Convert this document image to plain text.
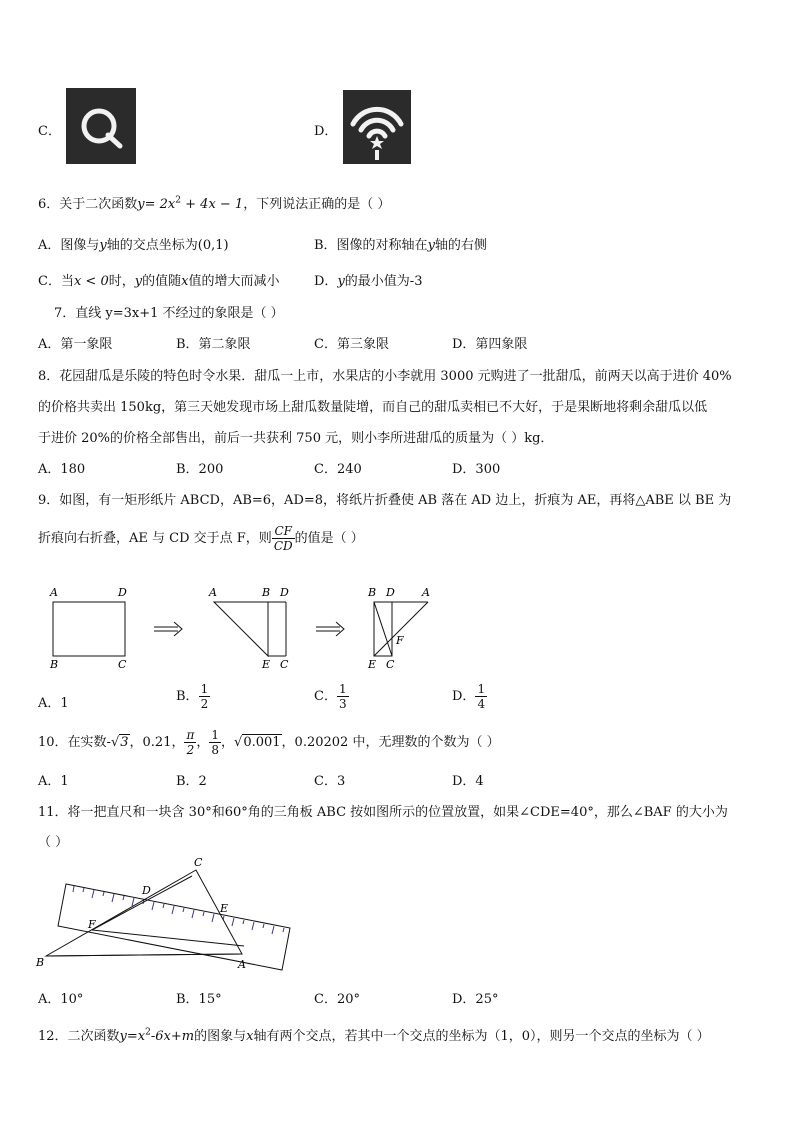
C．	D．
6．关于二次函数$y= 2x^2 + 4x - 1$，下列说法正确的是（ ）
A．图像与y轴的交点坐标为(0,1)	B．图像的对称轴在y轴的右侧
C．当x < 0时，y的值随x值的增大而减小	D．y的最小值为-3
7．直线 y=3x+1 不经过的象限是（ ）
A．第一象限	B．第二象限	C．第三象限	D．第四象限
8．花园甜瓜是乐陵的特色时令水果．甜瓜一上市，水果店的小李就用 3000 元购进了一批甜瓜，前两天以高于进价 40%
的价格共卖出 150kg，第三天她发现市场上甜瓜数量陡增，而自己的甜瓜卖相已不大好，于是果断地将剩余甜瓜以低
于进价 20%的价格全部售出，前后一共获利 750 元，则小李所进甜瓜的质量为（ ）kg．
A．180	B．200	C．240	D．300
9．如图，有一矩形纸片 ABCD，AB=6，AD=8，将纸片折叠使 AB 落在 AD 边上，折痕为 AE，再将△ABE 以 BE 为
折痕向右折叠，AE 与 CD 交于点 F，则 $\frac{CF}{CD}$ 的值是（ ）
A	D
B	C
A	B D
E C
B D A
F
E C
A．1	B． $\frac{1}{2}$	C． $\frac{1}{3}$	D． $\frac{1}{4}$
10．在实数-√3，0.21， $\frac{\pi}{2}$ ， $\frac{1}{8}$ ，√0.001，0.20202 中，无理数的个数为（ ）
A．1	B．2	C．3	D．4
11．将一把直尺和一块含 30°和60°角的三角板 ABC 按如图所示的位置放置，如果∠CDE=40°，那么∠BAF 的大小为
（ ）
C
D
E
F
B	A
A．10°	B．15°	C．20°	D．25°
12．二次函数$y=x^2-6x+m$的图象与x轴有两个交点，若其中一个交点的坐标为（1，0），则另一个交点的坐标为（ ）
